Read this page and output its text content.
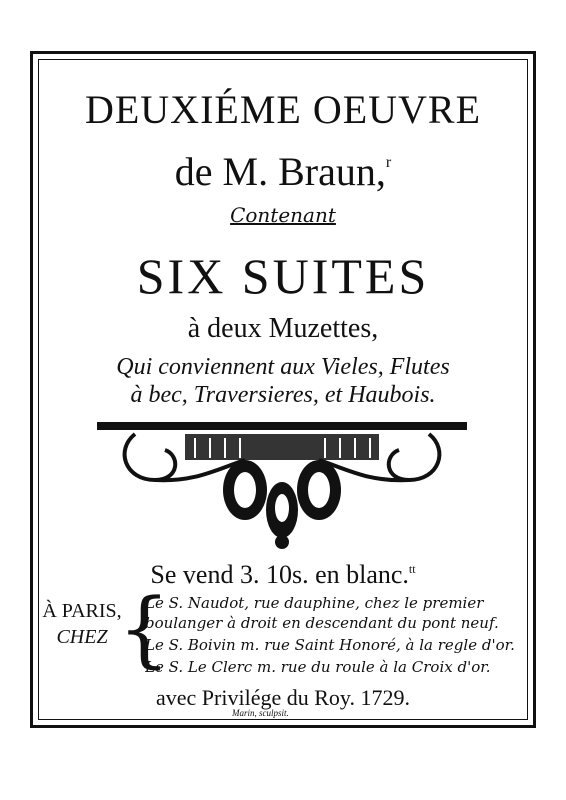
DEUXIÉME OEUVRE
de M. Braun,$^r$
Contenant
SIX SUITES
à deux Muzettes,
Qui conviennent aux Vieles, Flutes
à bec, Traversieres, et Haubois.
Se vend 3. 10s. en blanc.$^{tt}$
À PARIS,
CHEZ {
Le S. Naudot, rue dauphine, chez le premier
boulanger à droit en descendant du pont neuf.
Le S. Boivin m. rue Saint Honoré, à la regle d'or.
Le S. Le Clerc m. rue du roule à la Croix d'or.
avec Privilége du Roy. 1729.
Marin, sculpsit.
